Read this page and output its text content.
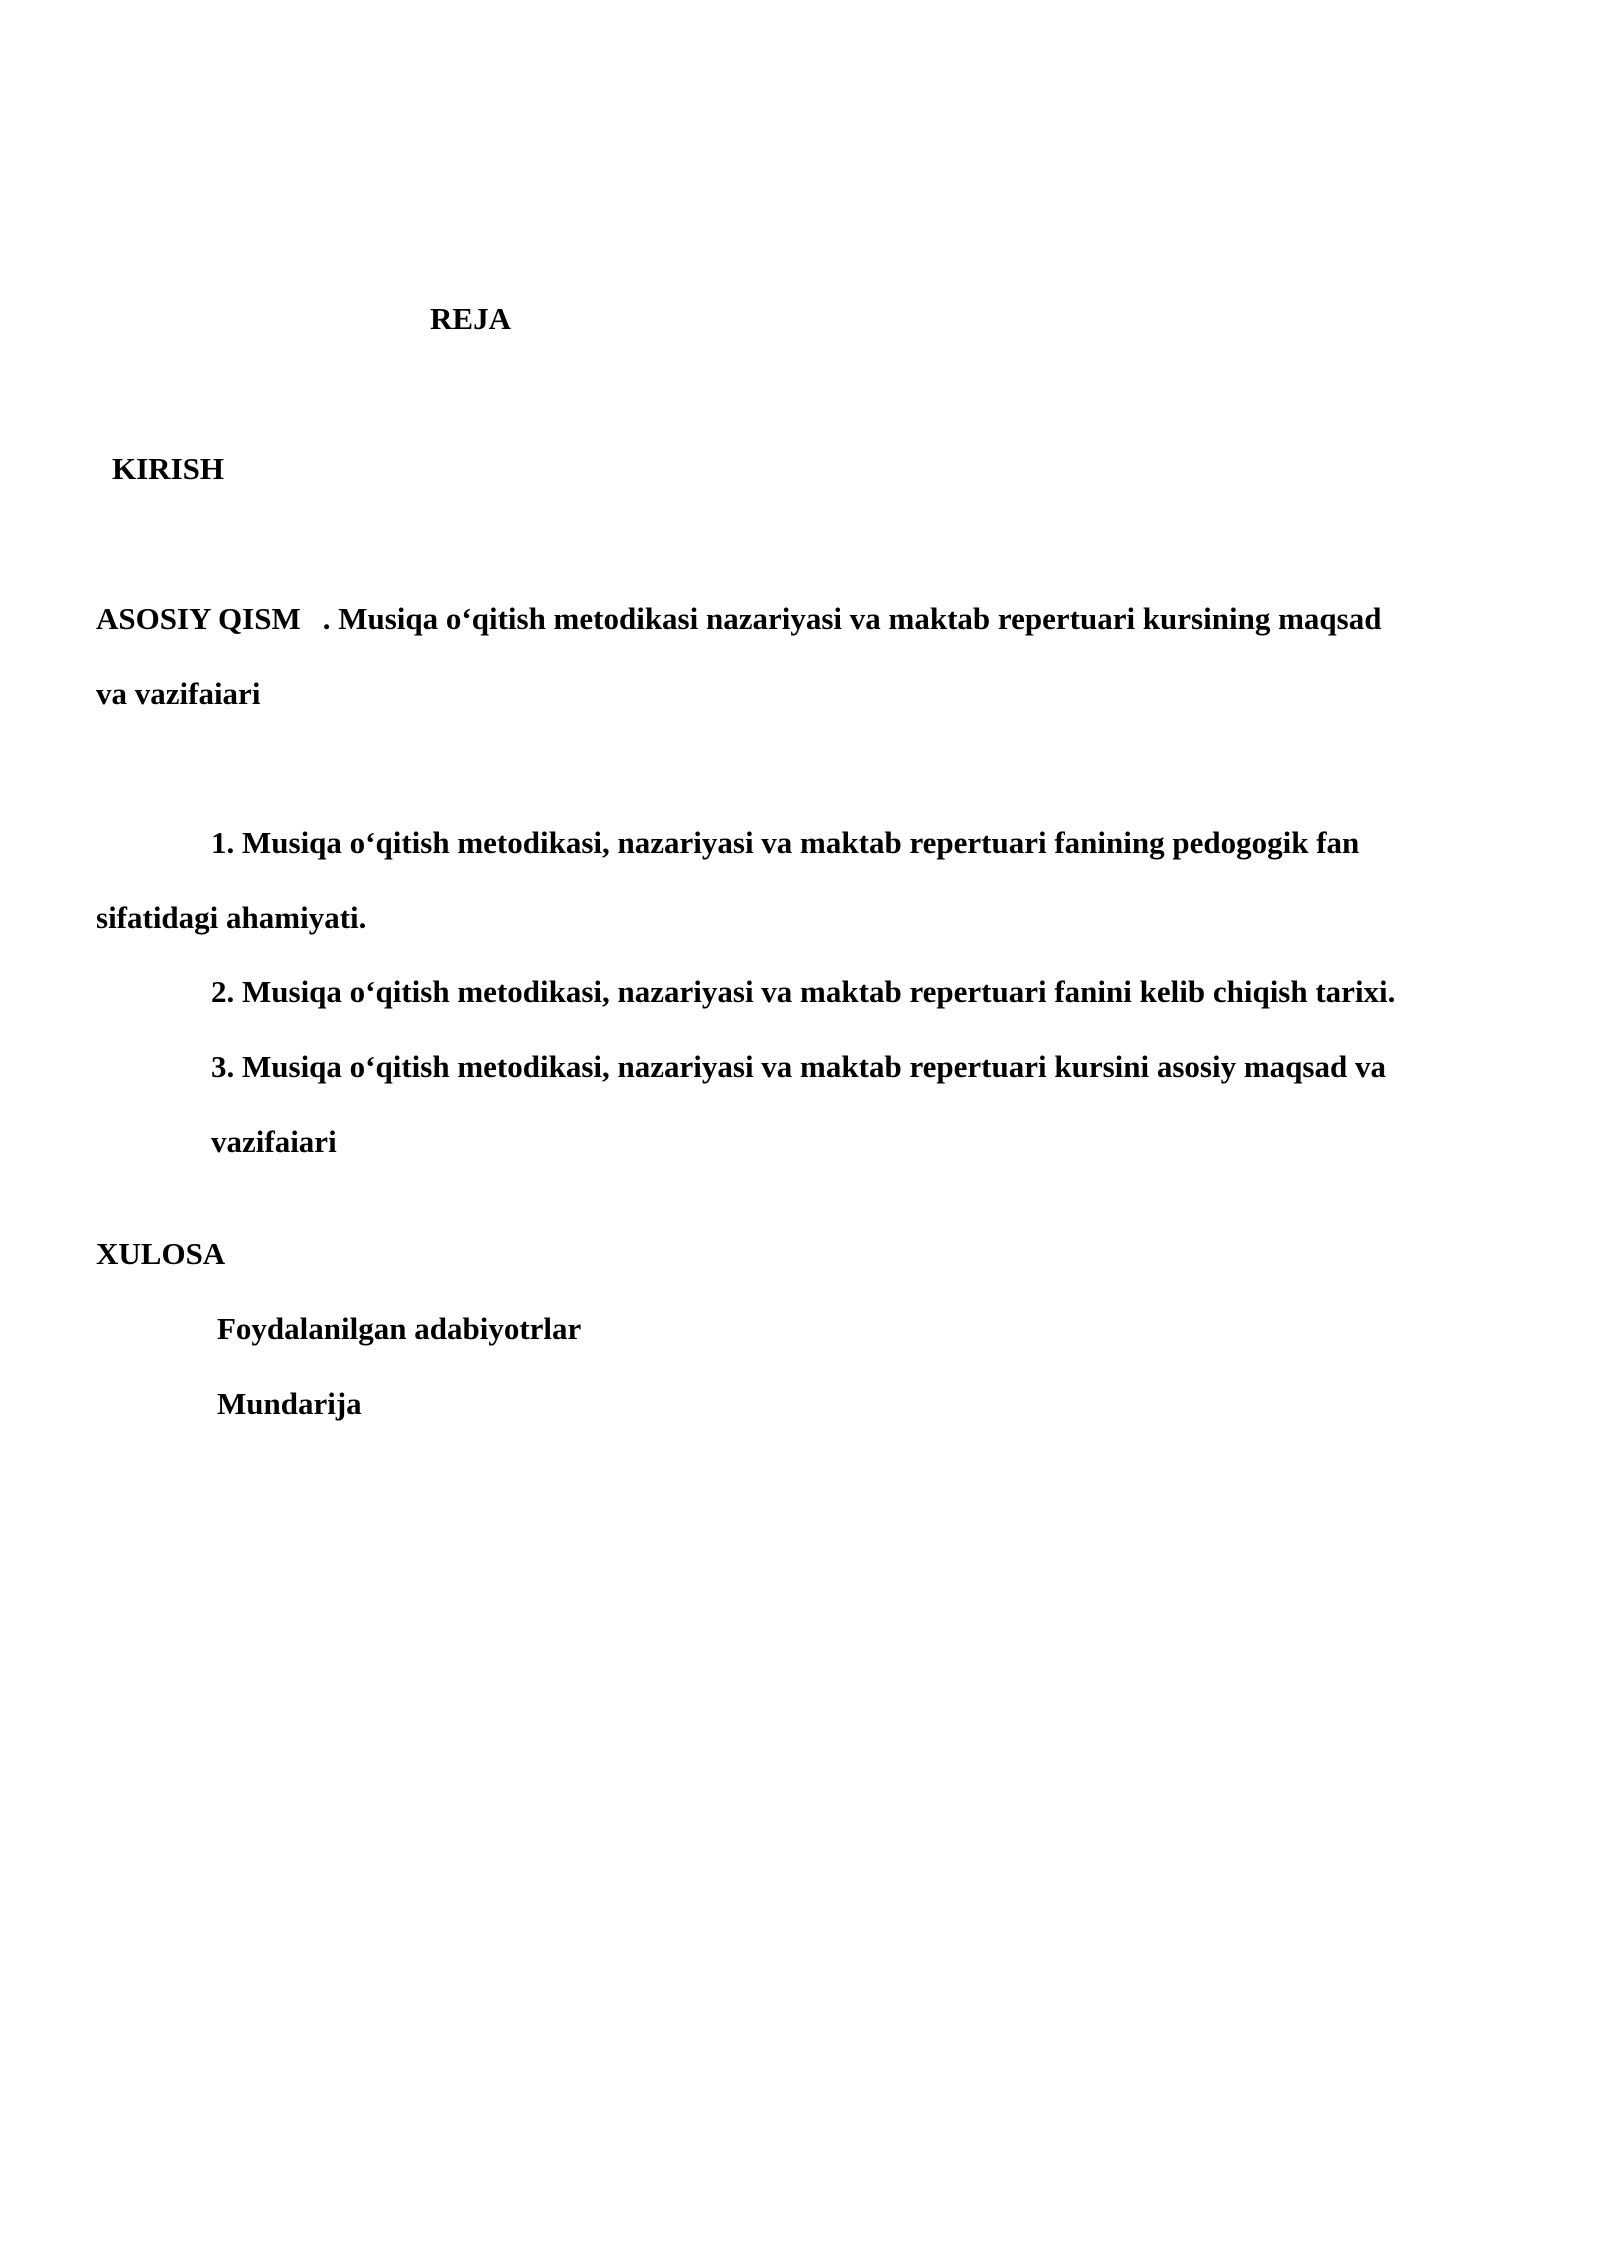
REJA

KIRISH

ASOSIY QISM . Musiqa o‘qitish metodikasi nazariyasi va maktab repertuari kursining maqsad

va vazifaiari

1. Musiqa o‘qitish metodikasi, nazariyasi va maktab repertuari fanining pedogogik fan

sifatidagi ahamiyati.

2. Musiqa o‘qitish metodikasi, nazariyasi va maktab repertuari fanini kelib chiqish tarixi.

3. Musiqa o‘qitish metodikasi, nazariyasi va maktab repertuari kursini asosiy maqsad va

vazifaiari

XULOSA

Foydalanilgan adabiyotrlar

Mundarija
